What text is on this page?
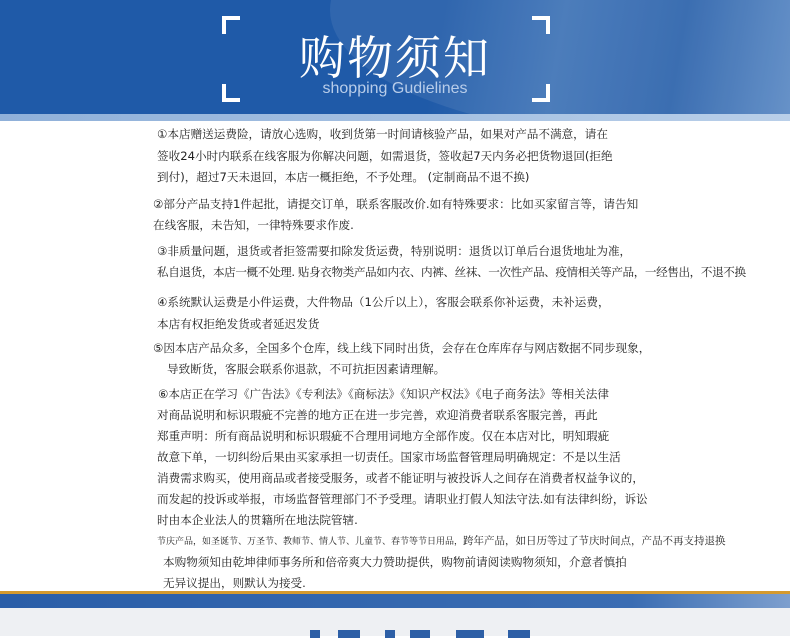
购物须知
shopping Gudielines
①本店赠送运费险，请放心选购，收到货第一时间请核验产品，如果对产品不满意，请在
签收24小时内联系在线客服为你解决问题，如需退货，签收起7天内务必把货物退回(拒绝
到付)，超过7天未退回，本店一概拒绝，不予处理。 (定制商品不退不换)
②部分产品支持1件起批，请提交订单，联系客服改价.如有特殊要求：比如买家留言等，请告知
在线客服，未告知，一律特殊要求作废.
③非质量问题，退货或者拒签需要扣除发货运费，特别说明：退货以订单后台退货地址为准，
私自退货，本店一概不处理. 贴身衣物类产品如内衣、内裤、丝袜、一次性产品、疫情相关等产品，一经售出，不退不换
④系统默认运费是小件运费，大件物品（1公斤以上），客服会联系你补运费，未补运费，
本店有权拒绝发货或者延迟发货
⑤因本店产品众多，全国多个仓库，线上线下同时出货，会存在仓库库存与网店数据不同步现象，
导致断货，客服会联系你退款，不可抗拒因素请理解。
⑥本店正在学习《广告法》《专利法》《商标法》《知识产权法》《电子商务法》等相关法律
对商品说明和标识瑕疵不完善的地方正在进一步完善，欢迎消费者联系客服完善，再此
郑重声明：所有商品说明和标识瑕疵不合理用词地方全部作废。仅在本店对比，明知瑕疵
故意下单，一切纠纷后果由买家承担一切责任。国家市场监督管理局明确规定：不是以生活
消费需求购买，使用商品或者接受服务，或者不能证明与被投诉人之间存在消费者权益争议的，
而发起的投诉或举报，市场监督管理部门不予受理。请职业打假人知法守法.如有法律纠纷，诉讼
时由本企业法人的贯籍所在地法院管辖.
节庆产品，如圣诞节、万圣节、教师节、情人节、儿童节、春节等节日用品，跨年产品，如日历等过了节庆时间点，产品不再支持退换
本购物须知由乾坤律师事务所和倍帝爽大力赞助提供，购物前请阅读购物须知，介意者慎拍
无异议提出，则默认为接受.
